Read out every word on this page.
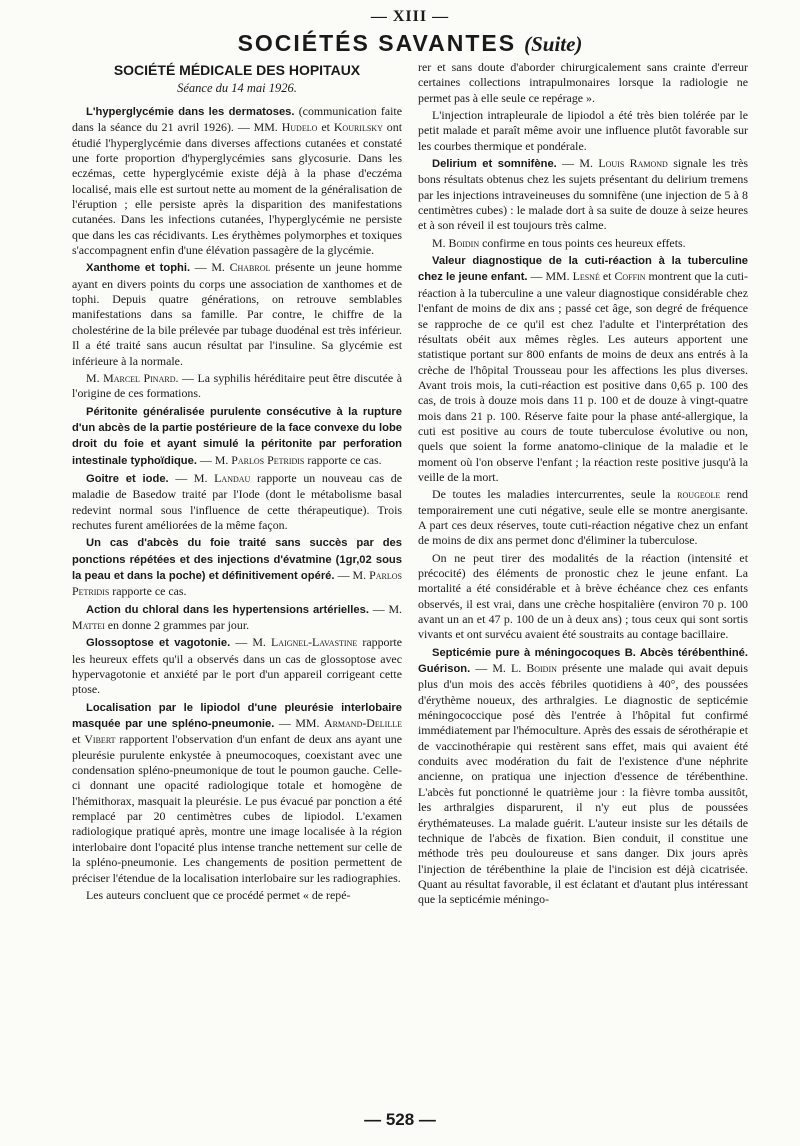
— XIII —
SOCIÉTÉS SAVANTES (Suite)
SOCIÉTÉ MÉDICALE DES HOPITAUX
Séance du 14 mai 1926.

L'hyperglycémie dans les dermatoses. (communication faite dans la séance du 21 avril 1926). — MM. Hudelo et Kourilsky ont étudié l'hyperglycémie dans diverses affections cutanées et constaté une forte proportion d'hyperglycémies sans glycosurie. Dans les eczémas, cette hyperglycémie existe déjà à la phase d'eczéma localisé, mais elle est surtout nette au moment de la généralisation de l'éruption ; elle persiste après la disparition des manifestations cutanées. Dans les infections cutanées, l'hyperglycémie ne persiste que dans les cas récidivants. Les érythèmes polymorphes et toxiques s'accompagnent enfin d'une élévation passagère de la glycémie.

Xanthome et tophi. — M. Chabrol présente un jeune homme ayant en divers points du corps une association de xanthomes et de tophi. Depuis quatre générations, on retrouve semblables manifestations dans sa famille. Par contre, le chiffre de la cholestérine de la bile prélevée par tubage duodénal est très inférieur. Il a été traité sans aucun résultat par l'insuline. Sa glycémie est inférieure à la normale.

M. Marcel Pinard. — La syphilis héréditaire peut être discutée à l'origine de ces formations.

Péritonite généralisée purulente consécutive à la rupture d'un abcès de la partie postérieure de la face convexe du lobe droit du foie et ayant simulé la péritonite par perforation intestinale typhoïdique. — M. Parlos Petridis rapporte ce cas.

Goitre et iode. — M. Landau rapporte un nouveau cas de maladie de Basedow traité par l'Iode (dont le métabolisme basal redevint normal sous l'influence de cette thérapeutique). Trois rechutes furent améliorées de la même façon.

Un cas d'abcès du foie traité sans succès par des ponctions répétées et des injections d'évatmine (1gr,02 sous la peau et dans la poche) et définitivement opéré. — M. Parlos Petridis rapporte ce cas.

Action du chloral dans les hypertensions artérielles. — M. Mattei en donne 2 grammes par jour.

Glossoptose et vagotonie. — M. Laignel-Lavastine rapporte les heureux effets qu'il a observés dans un cas de glossoptose avec hypervagotonie et anxiété par le port d'un appareil corrigeant cette ptose.

Localisation par le lipiodol d'une pleurésie interlobaire masquée par une spléno-pneumonie. — MM. Armand-Delille et Vibert rapportent l'observation d'un enfant de deux ans ayant une pleurésie purulente enkystée à pneumocoques, coexistant avec une condensation spléno-pneumonique de tout le poumon gauche. Celle-ci donnant une opacité radiologique totale et homogène de l'hémithorax, masquait la pleurésie. Le pus évacué par ponction a été remplacé par 20 centimètres cubes de lipiodol. L'examen radiologique pratiqué après, montre une image localisée à la région interlobaire dont l'opacité plus intense tranche nettement sur celle de la spléno-pneumonie. Les changements de position permettent de préciser l'étendue de la localisation interlobaire sur les radiographies.

Les auteurs concluent que ce procédé permet « de repé-

rer et sans doute d'aborder chirurgicalement sans crainte d'erreur certaines collections intrapulmonaires lorsque la radiologie ne permet pas à elle seule ce repérage ».

L'injection intrapleurale de lipiodol a été très bien tolérée par le petit malade et paraît même avoir une influence plutôt favorable sur les courbes thermique et pondérale.

Delirium et somnifène. — M. Louis Ramond signale les très bons résultats obtenus chez les sujets présentant du delirium tremens par les injections intraveineuses du somnifène (une injection de 5 à 8 centimètres cubes) : le malade dort à sa suite de douze à seize heures et à son réveil il est toujours très calme.

M. Boidin confirme en tous points ces heureux effets.

Valeur diagnostique de la cuti-réaction à la tuberculine chez le jeune enfant. — MM. Lesné et Coffin montrent que la cuti-réaction à la tuberculine a une valeur diagnostique considérable chez l'enfant de moins de dix ans ; passé cet âge, son degré de fréquence se rapproche de ce qu'il est chez l'adulte et l'interprétation des résultats obéit aux mêmes règles. Les auteurs apportent une statistique portant sur 800 enfants de moins de deux ans entrés à la crèche de l'hôpital Trousseau pour les affections les plus diverses. Avant trois mois, la cuti-réaction est positive dans 0,65 p. 100 des cas, de trois à douze mois dans 11 p. 100 et de douze à vingt-quatre mois dans 21 p. 100. Réserve faite pour la phase anté-allergique, la cuti est positive au cours de toute tuberculose évolutive ou non, quels que soient la forme anatomo-clinique de la maladie et le moment où l'on observe l'enfant ; la réaction reste positive jusqu'à la veille de la mort.

De toutes les maladies intercurrentes, seule la rougeole rend temporairement une cuti négative, seule elle se montre anergisante. A part ces deux réserves, toute cuti-réaction négative chez un enfant de moins de dix ans permet donc d'éliminer la tuberculose.

On ne peut tirer des modalités de la réaction (intensité et précocité) des éléments de pronostic chez le jeune enfant. La mortalité a été considérable et à brève échéance chez ces enfants observés, il est vrai, dans une crèche hospitalière (environ 70 p. 100 avant un an et 47 p. 100 de un à deux ans) ; tous ceux qui sont sortis vivants et ont survécu avaient été soustraits au contage bacillaire.

Septicémie pure à méningocoques B. Abcès térébenthiné. Guérison. — M. L. Boidin présente une malade qui avait depuis plus d'un mois des accès fébriles quotidiens à 40°, des poussées d'érythème noueux, des arthralgies. Le diagnostic de septicémie méningococcique posé dès l'entrée à l'hôpital fut confirmé immédiatement par l'hémoculture. Après des essais de sérothérapie et de vaccinothérapie qui restèrent sans effet, mais qui avaient été conduits avec modération du fait de l'existence d'une néphrite ancienne, on pratiqua une injection d'essence de térébenthine. L'abcès fut ponctionné le quatrième jour : la fièvre tomba aussitôt, les arthralgies disparurent, il n'y eut plus de poussées érythémateuses. La malade guérit. L'auteur insiste sur les détails de technique de l'abcès de fixation. Bien conduit, il constitue une méthode très peu douloureuse et sans danger. Dix jours après l'injection de térébenthine la plaie de l'incision est déjà cicatrisée. Quant au résultat favorable, il est éclatant et d'autant plus intéressant que la septicémie méningo-

— 528 —
